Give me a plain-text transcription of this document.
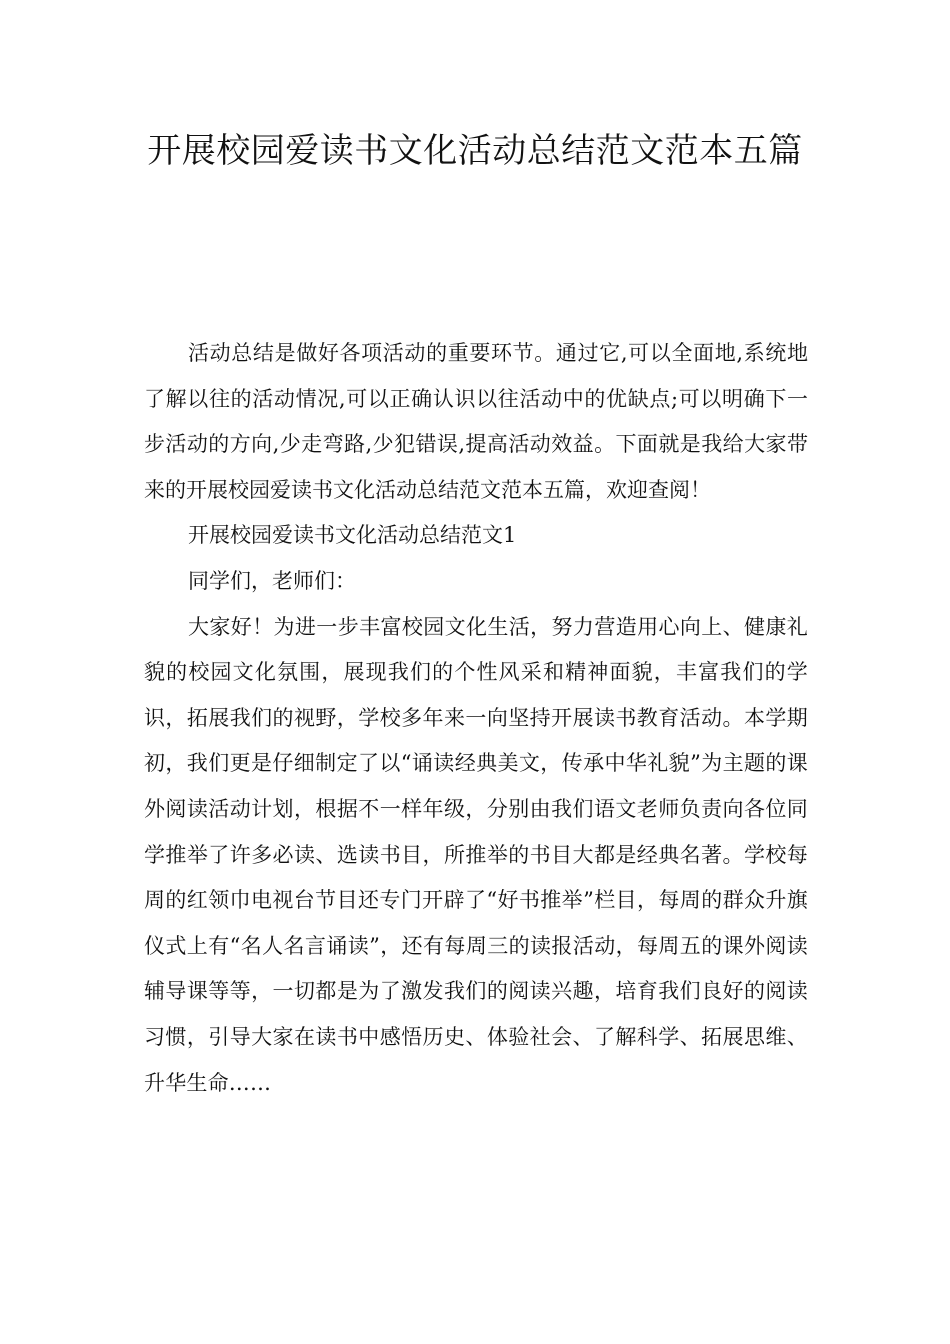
开展校园爱读书文化活动总结范文范本五篇

活动总结是做好各项活动的重要环节。通过它,可以全面地,系统地了解以往的活动情况,可以正确认识以往活动中的优缺点;可以明确下一步活动的方向,少走弯路,少犯错误,提高活动效益。下面就是我给大家带来的开展校园爱读书文化活动总结范文范本五篇，欢迎查阅！

开展校园爱读书文化活动总结范文1

同学们，老师们：

大家好！为进一步丰富校园文化生活，努力营造用心向上、健康礼貌的校园文化氛围，展现我们的个性风采和精神面貌，丰富我们的学识，拓展我们的视野，学校多年来一向坚持开展读书教育活动。本学期初，我们更是仔细制定了以“诵读经典美文，传承中华礼貌”为主题的课外阅读活动计划，根据不一样年级，分别由我们语文老师负责向各位同学推举了许多必读、选读书目，所推举的书目大都是经典名著。学校每周的红领巾电视台节目还专门开辟了“好书推举”栏目，每周的群众升旗仪式上有“名人名言诵读”，还有每周三的读报活动，每周五的课外阅读辅导课等等，一切都是为了激发我们的阅读兴趣，培育我们良好的阅读习惯，引导大家在读书中感悟历史、体验社会、了解科学、拓展思维、升华生命……
